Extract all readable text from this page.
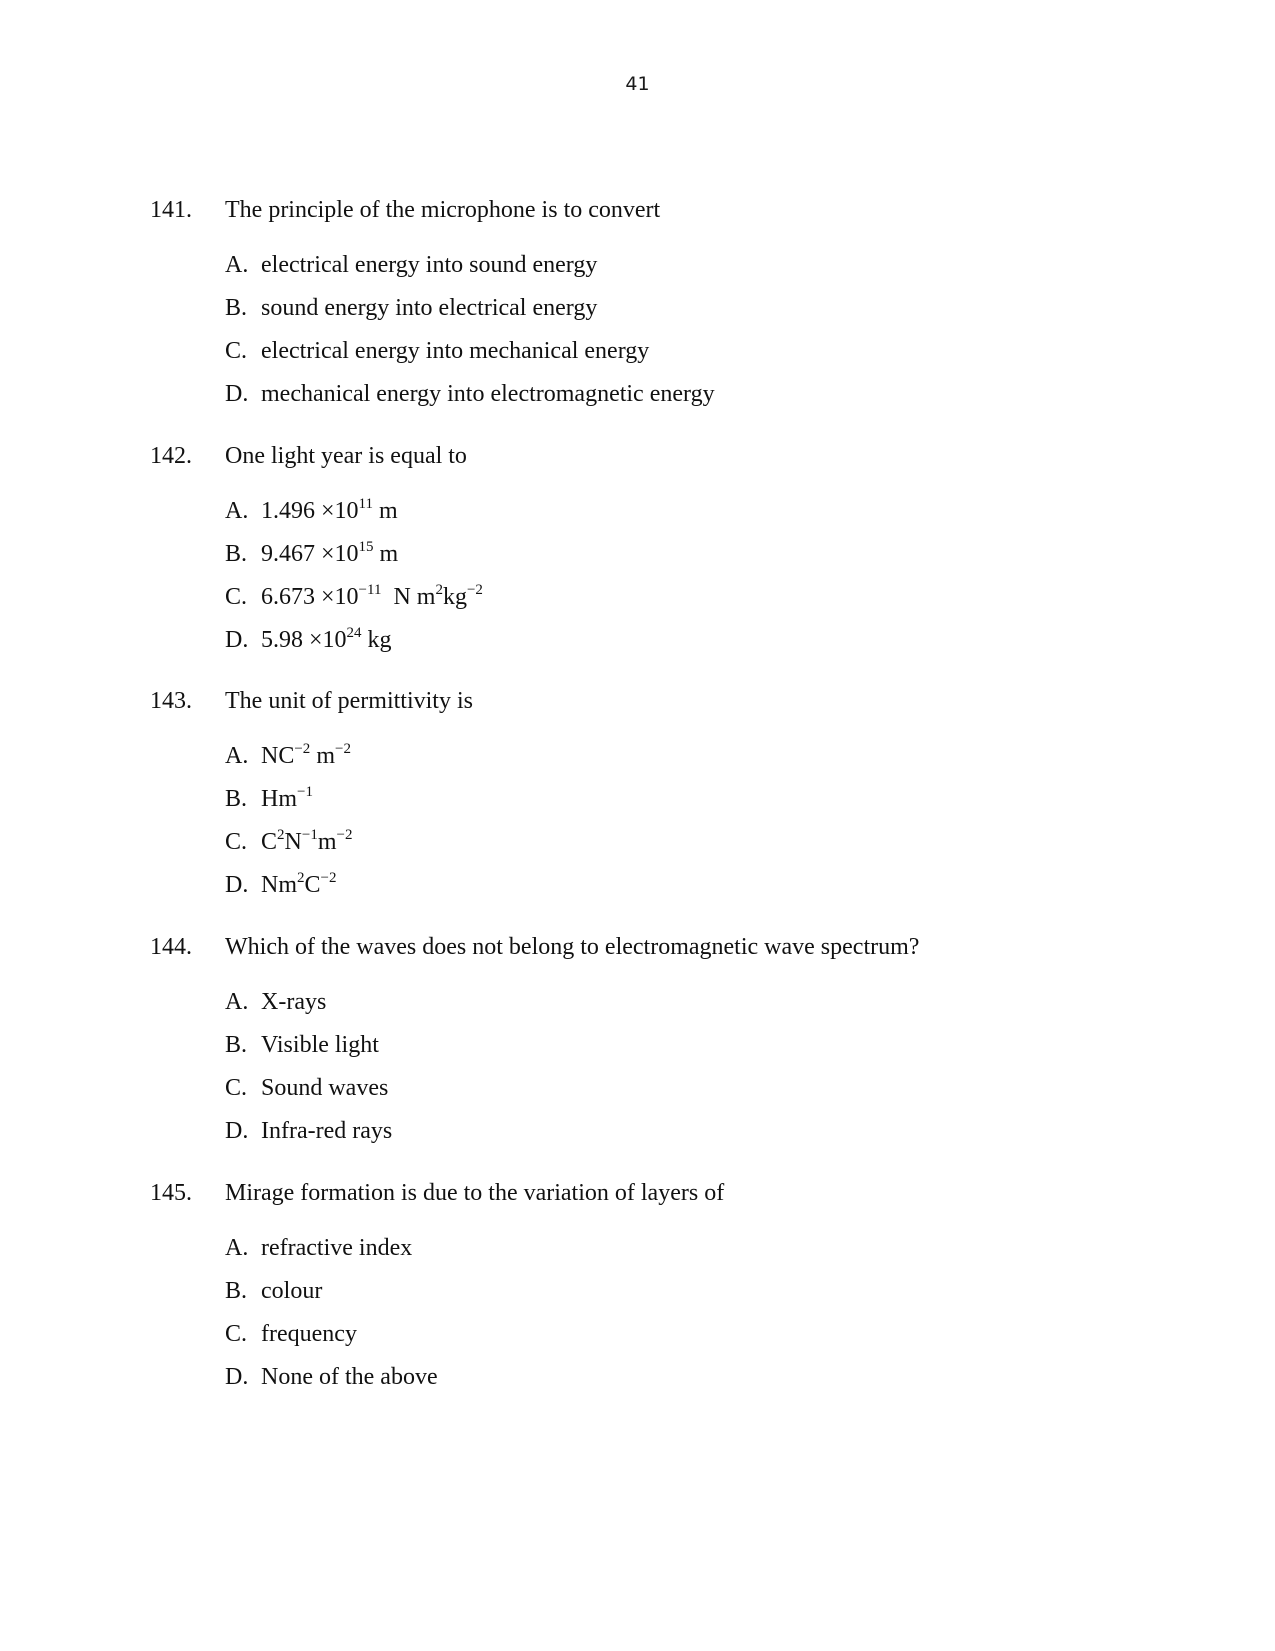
41
141. The principle of the microphone is to convert
A. electrical energy into sound energy
B. sound energy into electrical energy
C. electrical energy into mechanical energy
D. mechanical energy into electromagnetic energy
142. One light year is equal to
A. $1.496 \times 10^{11}$ m
B. $9.467 \times 10^{15}$ m
C. $6.673 \times 10^{-11}$  N $m^2kg^{-2}$
D. $5.98 \times 10^{24}$ kg
143. The unit of permittivity is
A. $NC^{-2}$ $m^{-2}$
B. $Hm^{-1}$
C. $C^2N^{-1}m^{-2}$
D. $Nm^2C^{-2}$
144. Which of the waves does not belong to electromagnetic wave spectrum?
A. X-rays
B. Visible light
C. Sound waves
D. Infra-red rays
145. Mirage formation is due to the variation of layers of
A. refractive index
B. colour
C. frequency
D. None of the above
